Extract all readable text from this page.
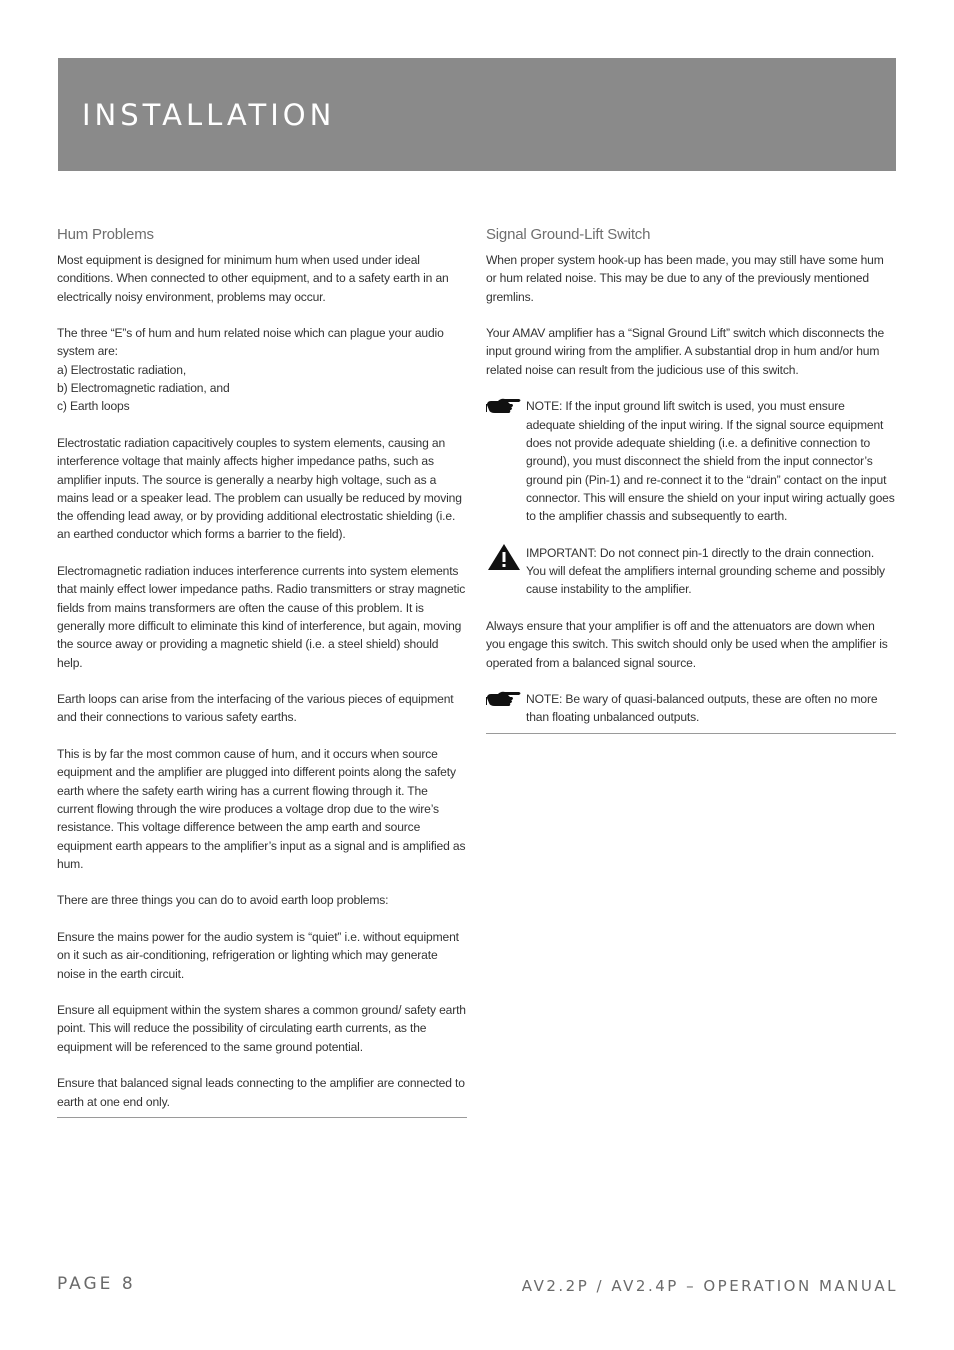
INSTALLATION
Hum Problems

Most equipment is designed for minimum hum when used under ideal conditions. When connected to other equipment, and to a safety earth in an electrically noisy environment, problems may occur.

The three “E”s of hum and hum related noise which can plague your audio system are:

a) Electrostatic radiation,
b) Electromagnetic radiation, and
c) Earth loops

Electrostatic radiation capacitively couples to system elements, causing an interference voltage that mainly affects higher impedance paths, such as amplifier inputs. The source is generally a nearby high voltage, such as a mains lead or a speaker lead. The problem can usually be reduced by moving the offending lead away, or by providing additional electrostatic shielding (i.e. an earthed conductor which forms a barrier to the field).

Electromagnetic radiation induces interference currents into system elements that mainly effect lower impedance paths. Radio transmitters or stray magnetic fields from mains transformers are often the cause of this problem. It is generally more difficult to eliminate this kind of interference, but again, moving the source away or providing a magnetic shield (i.e. a steel shield) should help.

Earth loops can arise from the interfacing of the various pieces of equipment and their connections to various safety earths.

This is by far the most common cause of hum, and it occurs when source equipment and the amplifier are plugged into different points along the safety earth where the safety earth wiring has a current flowing through it. The current flowing through the wire produces a voltage drop due to the wire’s resistance. This voltage difference between the amp earth and source equipment earth appears to the amplifier’s input as a signal and is amplified as hum.

There are three things you can do to avoid earth loop problems:

Ensure the mains power for the audio system is “quiet” i.e. without equipment on it such as air-conditioning, refrigeration or lighting which may generate noise in the earth circuit.

Ensure all equipment within the system shares a common ground/ safety earth point. This will reduce the possibility of circulating earth currents, as the equipment will be referenced to the same ground potential.

Ensure that balanced signal leads connecting to the amplifier are connected to earth at one end only.

Signal Ground-Lift Switch

When proper system hook-up has been made, you may still have some hum or hum related noise. This may be due to any of the previously mentioned gremlins.

Your AMAV amplifier has a “Signal Ground Lift” switch which disconnects the input ground wiring from the amplifier. A substantial drop in hum and/or hum related noise can result from the judicious use of this switch.

NOTE: If the input ground lift switch is used, you must ensure adequate shielding of the input wiring. If the signal source equipment does not provide adequate shielding (i.e. a definitive connection to ground), you must disconnect the shield from the input connector’s ground pin (Pin-1) and re-connect it to the “drain” contact on the input connector. This will ensure the shield on your input wiring actually goes to the amplifier chassis and subsequently to earth.

IMPORTANT: Do not connect pin-1 directly to the drain connection. You will defeat the amplifiers internal grounding scheme and possibly cause instability to the amplifier.

Always ensure that your amplifier is off and the attenuators are down when you engage this switch. This switch should only be used when the amplifier is operated from a balanced signal source.

NOTE: Be wary of quasi-balanced outputs, these are often no more than floating unbalanced outputs.

PAGE 8	AV2.2P / AV2.4P – OPERATION MANUAL
